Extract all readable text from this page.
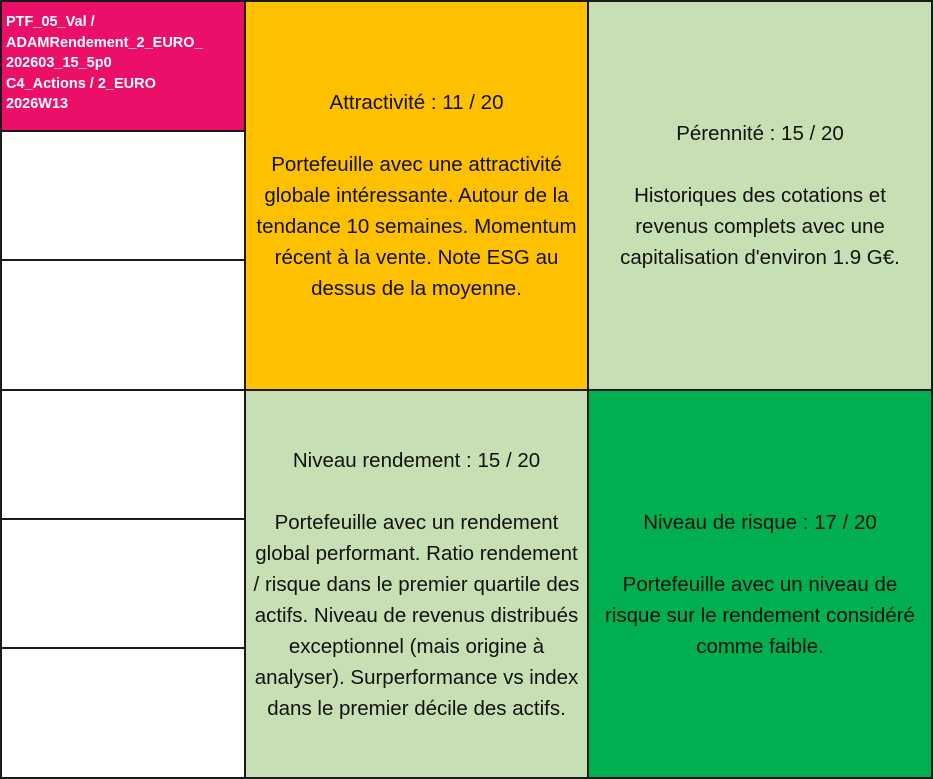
PTF_05_Val /
ADAMRendement_2_EURO_
202603_15_5p0
C4_Actions / 2_EURO
2026W13	Attractivité : 11 / 20
Portefeuille avec une attractivité globale intéressante. Autour de la tendance 10 semaines. Momentum récent à la vente. Note ESG au dessus de la moyenne.
Pérennité : 15 / 20
Historiques des cotations et revenus complets avec une capitalisation d'environ 1.9 G€.
Niveau rendement : 15 / 20
Portefeuille avec un rendement global performant. Ratio rendement / risque dans le premier quartile des actifs. Niveau de revenus distribués exceptionnel (mais origine à analyser). Surperformance vs index dans le premier décile des actifs.
Niveau de risque : 17 / 20
Portefeuille avec un niveau de risque sur le rendement considéré comme faible.
